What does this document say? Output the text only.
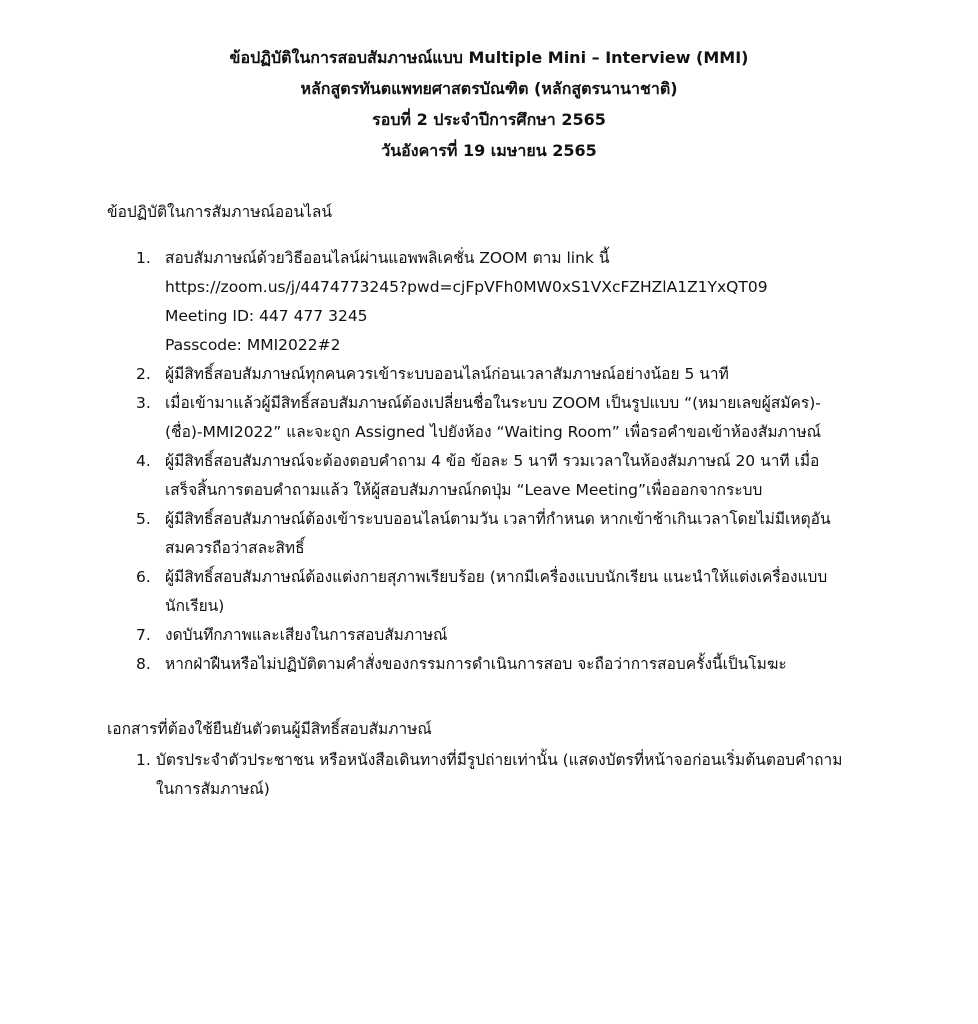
ข้อปฏิบัติในการสอบสัมภาษณ์แบบ Multiple Mini – Interview (MMI)
หลักสูตรทันตแพทยศาสตรบัณฑิต (หลักสูตรนานาชาติ)
รอบที่ 2 ประจำปีการศึกษา 2565
วันอังคารที่ 19 เมษายน 2565
ข้อปฏิบัติในการสัมภาษณ์ออนไลน์
1. สอบสัมภาษณ์ด้วยวิธีออนไลน์ผ่านแอพพลิเคชั่น ZOOM ตาม link นี้
https://zoom.us/j/4474773245?pwd=cjFpVFh0MW0xS1VXcFZHZlA1Z1YxQT09
Meeting ID: 447 477 3245
Passcode: MMI2022#2
2. ผู้มีสิทธิ์สอบสัมภาษณ์ทุกคนควรเข้าระบบออนไลน์ก่อนเวลาสัมภาษณ์อย่างน้อย 5 นาที
3. เมื่อเข้ามาแล้วผู้มีสิทธิ์สอบสัมภาษณ์ต้องเปลี่ยนชื่อในระบบ ZOOM เป็นรูปแบบ “(หมายเลขผู้สมัคร)-
(ชื่อ)-MMI2022” และจะถูก Assigned ไปยังห้อง “Waiting Room” เพื่อรอคำขอเข้าห้องสัมภาษณ์
4. ผู้มีสิทธิ์สอบสัมภาษณ์จะต้องตอบคำถาม 4 ข้อ ข้อละ 5 นาที รวมเวลาในห้องสัมภาษณ์ 20 นาที เมื่อ
เสร็จสิ้นการตอบคำถามแล้ว ให้ผู้สอบสัมภาษณ์กดปุ่ม “Leave Meeting”เพื่อออกจากระบบ
5. ผู้มีสิทธิ์สอบสัมภาษณ์ต้องเข้าระบบออนไลน์ตามวัน เวลาที่กำหนด หากเข้าช้าเกินเวลาโดยไม่มีเหตุอัน
สมควรถือว่าสละสิทธิ์
6. ผู้มีสิทธิ์สอบสัมภาษณ์ต้องแต่งกายสุภาพเรียบร้อย (หากมีเครื่องแบบนักเรียน แนะนำให้แต่งเครื่องแบบ
นักเรียน)
7. งดบันทึกภาพและเสียงในการสอบสัมภาษณ์
8. หากฝ่าฝืนหรือไม่ปฏิบัติตามคำสั่งของกรรมการดำเนินการสอบ จะถือว่าการสอบครั้งนี้เป็นโมฆะ
เอกสารที่ต้องใช้ยืนยันตัวตนผู้มีสิทธิ์สอบสัมภาษณ์
1. บัตรประจำตัวประชาชน หรือหนังสือเดินทางที่มีรูปถ่ายเท่านั้น (แสดงบัตรที่หน้าจอก่อนเริ่มต้นตอบคำถาม
ในการสัมภาษณ์)
